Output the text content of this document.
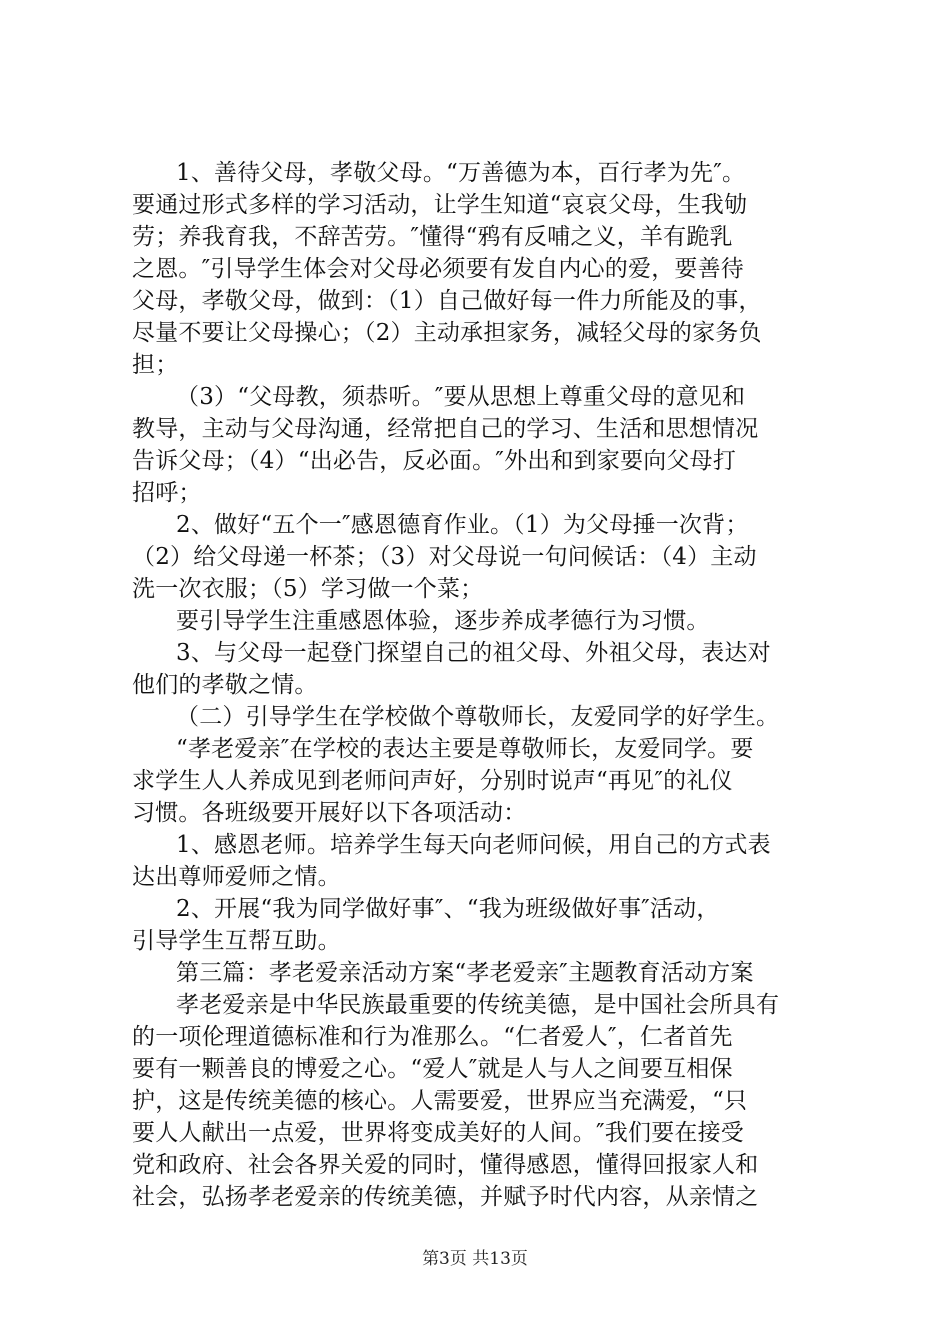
1、善待父母，孝敬父母。“万善德为本，百行孝为先″。
要通过形式多样的学习活动，让学生知道“哀哀父母，生我劬
劳；养我育我，不辞苦劳。″懂得“鸦有反哺之义，羊有跪乳
之恩。″引导学生体会对父母必须要有发自内心的爱，要善待
父母，孝敬父母，做到：（1）自己做好每一件力所能及的事，
尽量不要让父母操心；（2）主动承担家务，减轻父母的家务负
担；
（3）“父母教，须恭听。″要从思想上尊重父母的意见和
教导，主动与父母沟通，经常把自己的学习、生活和思想情况
告诉父母；（4）“出必告，反必面。″外出和到家要向父母打
招呼；
2、做好“五个一″感恩德育作业。（1）为父母捶一次背；
（2）给父母递一杯茶；（3）对父母说一句问候话：（4）主动
洗一次衣服；（5）学习做一个菜；
要引导学生注重感恩体验，逐步养成孝德行为习惯。
3、与父母一起登门探望自己的祖父母、外祖父母，表达对
他们的孝敬之情。
（二）引导学生在学校做个尊敬师长，友爱同学的好学生。
“孝老爱亲″在学校的表达主要是尊敬师长，友爱同学。要
求学生人人养成见到老师问声好，分别时说声“再见″的礼仪
习惯。各班级要开展好以下各项活动：
1、感恩老师。培养学生每天向老师问候，用自己的方式表
达出尊师爱师之情。
2、开展“我为同学做好事″、“我为班级做好事″活动，
引导学生互帮互助。
第三篇：孝老爱亲活动方案“孝老爱亲″主题教育活动方案
孝老爱亲是中华民族最重要的传统美德，是中国社会所具有
的一项伦理道德标准和行为准那么。“仁者爱人″，仁者首先
要有一颗善良的博爱之心。“爱人″就是人与人之间要互相保
护，这是传统美德的核心。人需要爱，世界应当充满爱，“只
要人人献出一点爱，世界将变成美好的人间。″我们要在接受
党和政府、社会各界关爱的同时，懂得感恩，懂得回报家人和
社会，弘扬孝老爱亲的传统美德，并赋予时代内容，从亲情之
第3页 共13页
